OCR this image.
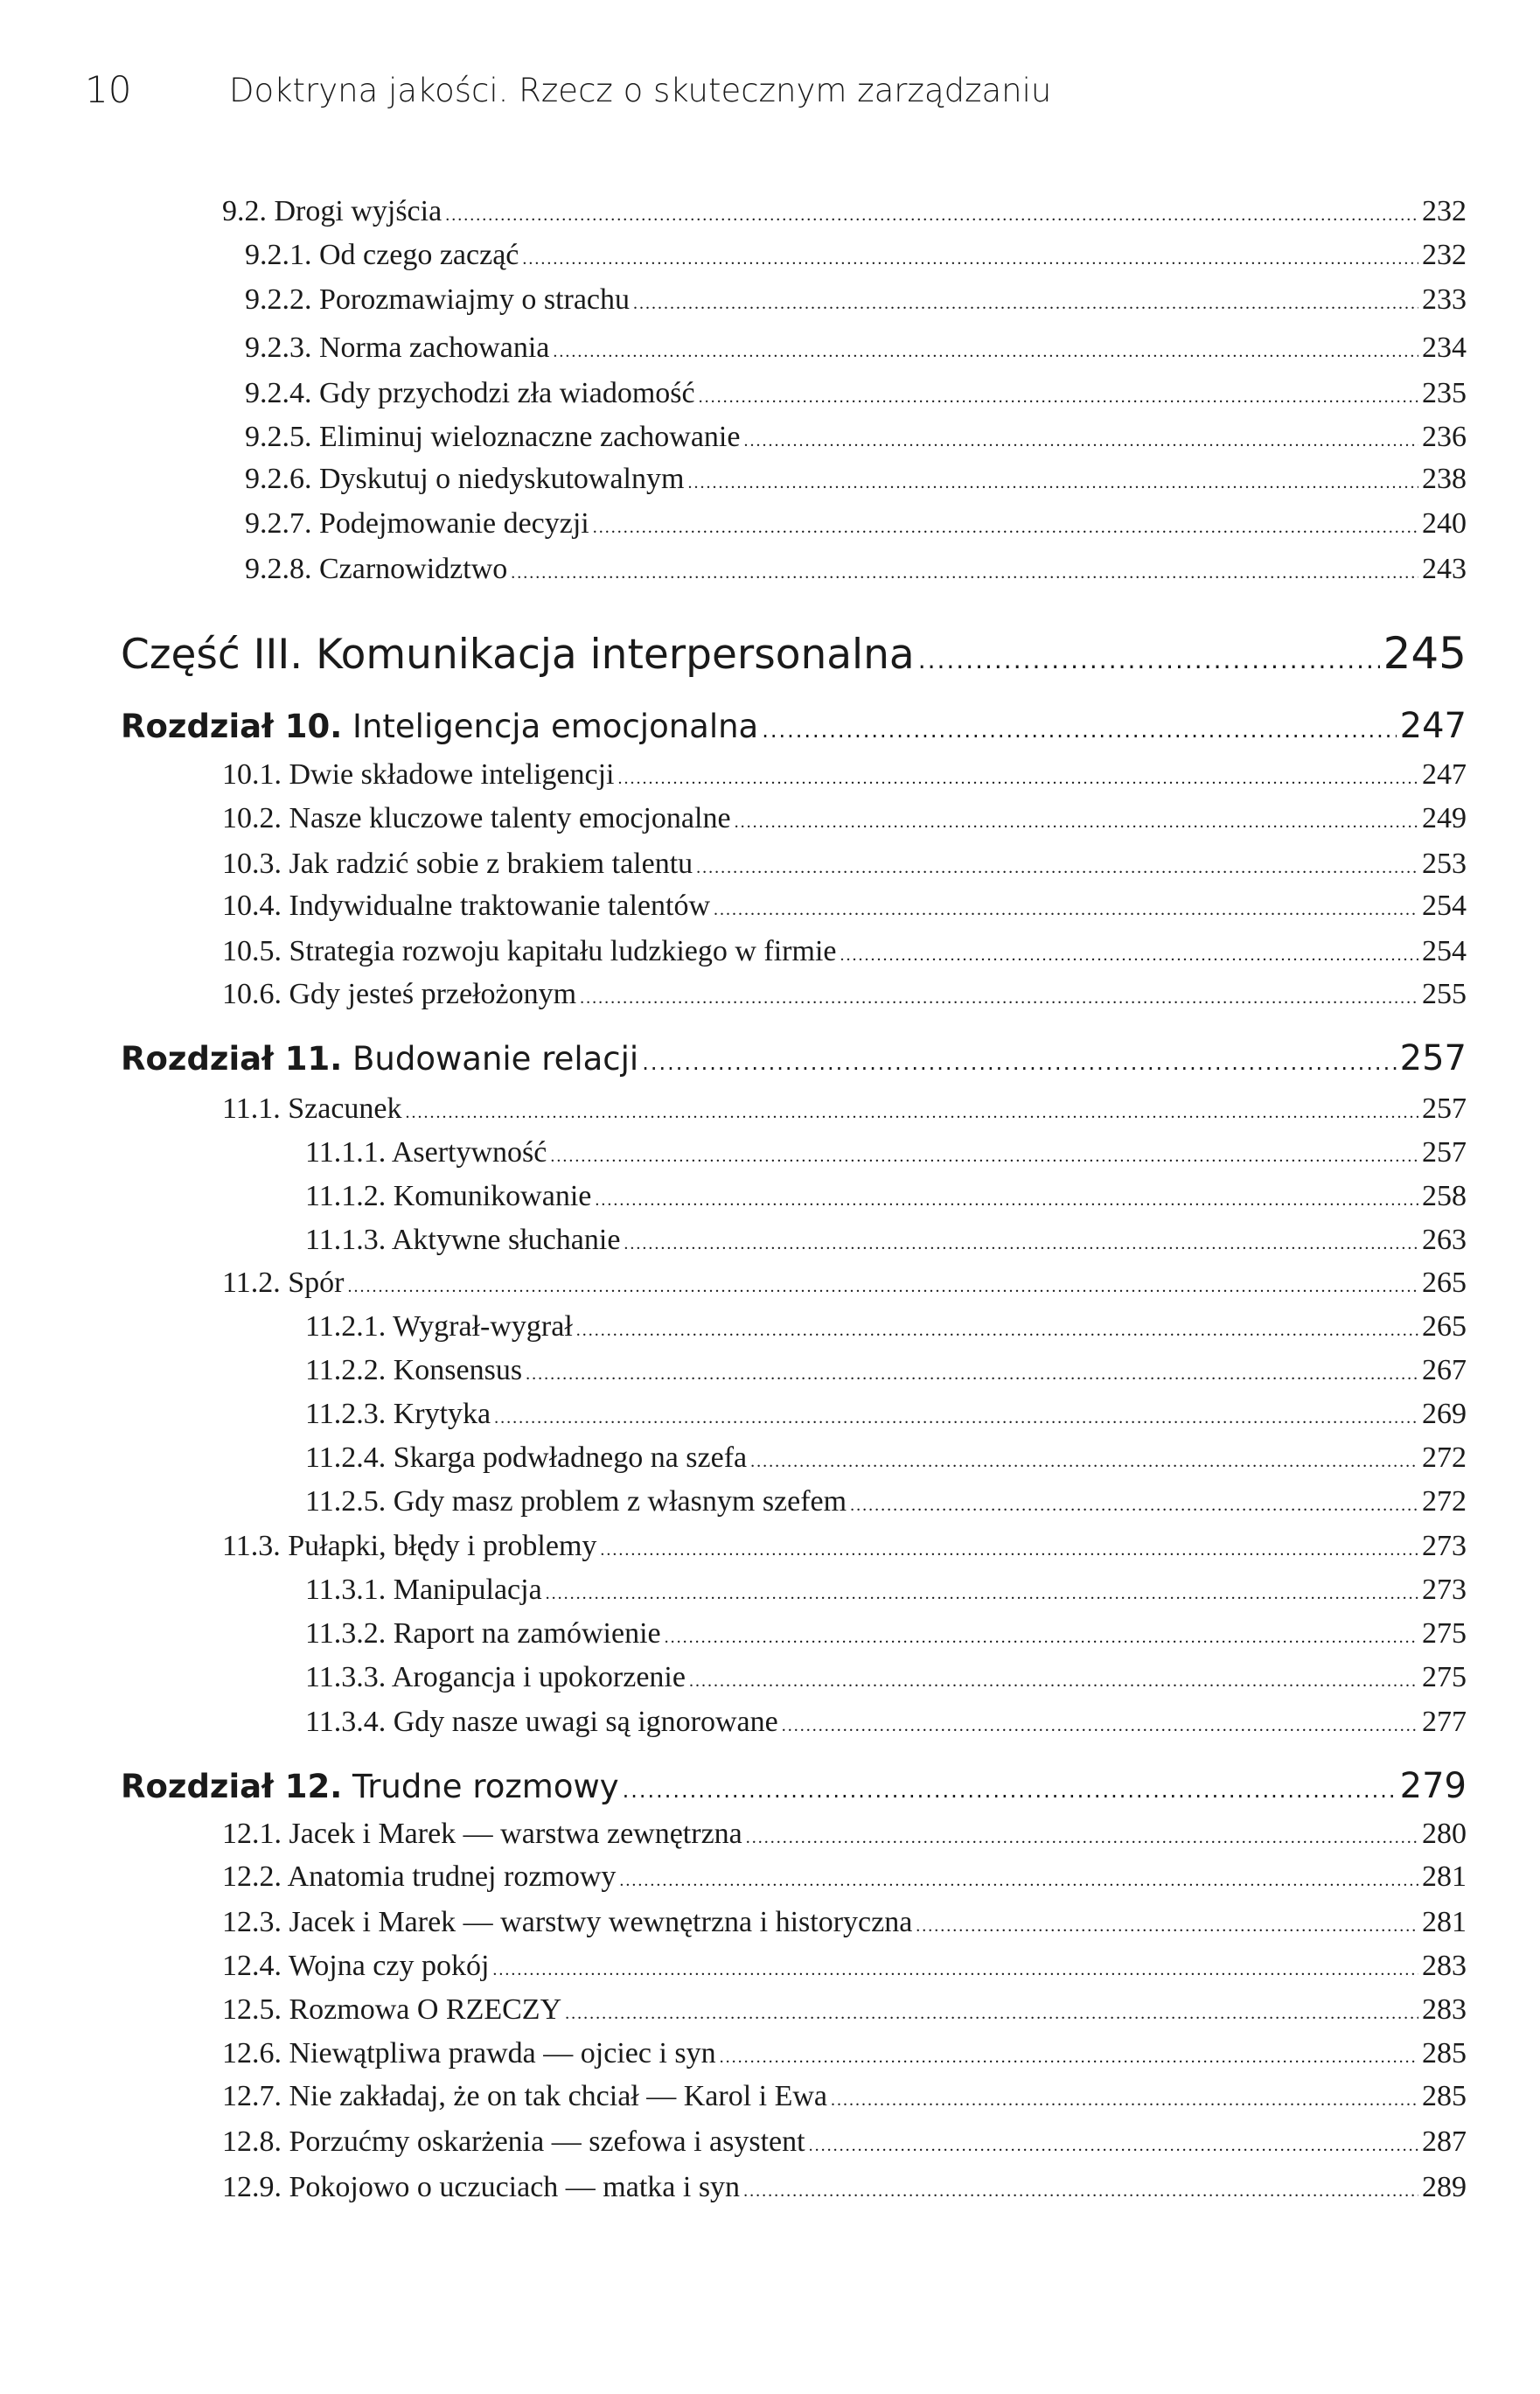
10	Doktryna jakości. Rzecz o skutecznym zarządzaniu
9.2. Drogi wyjścia .....	232
9.2.1. Od czego zacząć .....	232
9.2.2. Porozmawiajmy o strachu .....	233
9.2.3. Norma zachowania .....	234
9.2.4. Gdy przychodzi zła wiadomość .....	235
9.2.5. Eliminuj wieloznaczne zachowanie .....	236
9.2.6. Dyskutuj o niedyskutowalnym .....	238
9.2.7. Podejmowanie decyzji .....	240
9.2.8. Czarnowidztwo .....	243
Część III. Komunikacja interpersonalna .....	245
Rozdział 10. Inteligencja emocjonalna .....	247
10.1. Dwie składowe inteligencji .....	247
10.2. Nasze kluczowe talenty emocjonalne .....	249
10.3. Jak radzić sobie z brakiem talentu .....	253
10.4. Indywidualne traktowanie talentów .....	254
10.5. Strategia rozwoju kapitału ludzkiego w firmie .....	254
10.6. Gdy jesteś przełożonym .....	255
Rozdział 11. Budowanie relacji .....	257
11.1. Szacunek .....	257
11.1.1. Asertywność .....	257
11.1.2. Komunikowanie .....	258
11.1.3. Aktywne słuchanie .....	263
11.2. Spór .....	265
11.2.1. Wygrał-wygrał .....	265
11.2.2. Konsensus .....	267
11.2.3. Krytyka .....	269
11.2.4. Skarga podwładnego na szefa .....	272
11.2.5. Gdy masz problem z własnym szefem .....	272
11.3. Pułapki, błędy i problemy .....	273
11.3.1. Manipulacja .....	273
11.3.2. Raport na zamówienie .....	275
11.3.3. Arogancja i upokorzenie .....	275
11.3.4. Gdy nasze uwagi są ignorowane .....	277
Rozdział 12. Trudne rozmowy .....	279
12.1. Jacek i Marek — warstwa zewnętrzna .....	280
12.2. Anatomia trudnej rozmowy .....	281
12.3. Jacek i Marek — warstwy wewnętrzna i historyczna .....	281
12.4. Wojna czy pokój .....	283
12.5. Rozmowa O RZECZY .....	283
12.6. Niewątpliwa prawda — ojciec i syn .....	285
12.7. Nie zakładaj, że on tak chciał — Karol i Ewa .....	285
12.8. Porzućmy oskarżenia — szefowa i asystent .....	287
12.9. Pokojowo o uczuciach — matka i syn .....	289
